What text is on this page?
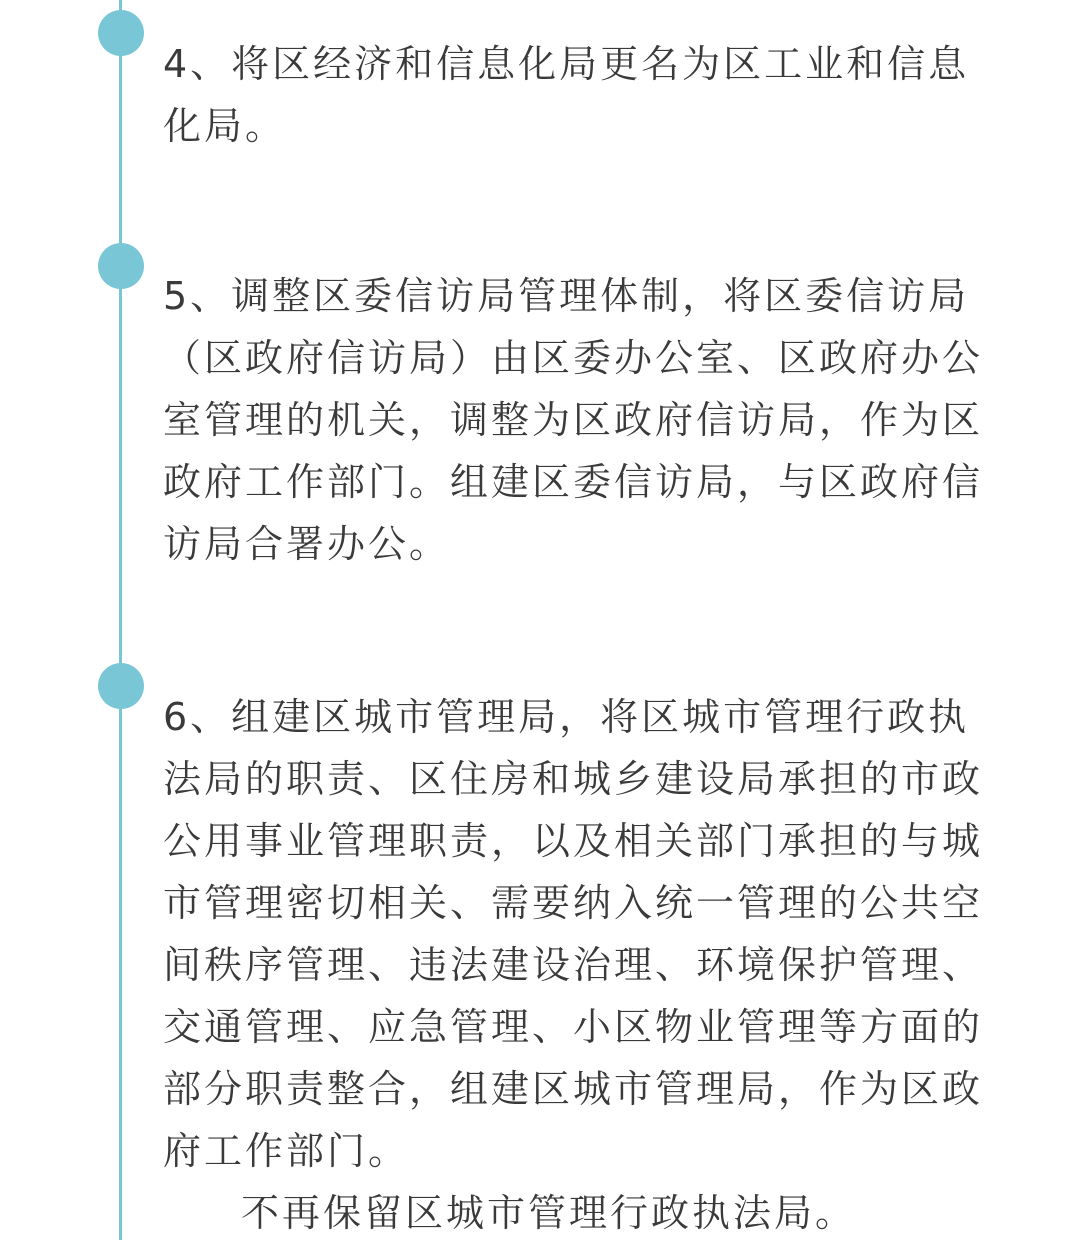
4、将区经济和信息化局更名为区工业和信息化局。

5、调整区委信访局管理体制，将区委信访局（区政府信访局）由区委办公室、区政府办公室管理的机关，调整为区政府信访局，作为区政府工作部门。组建区委信访局，与区政府信访局合署办公。

6、组建区城市管理局，将区城市管理行政执法局的职责、区住房和城乡建设局承担的市政公用事业管理职责，以及相关部门承担的与城市管理密切相关、需要纳入统一管理的公共空间秩序管理、违法建设治理、环境保护管理、交通管理、应急管理、小区物业管理等方面的部分职责整合，组建区城市管理局，作为区政府工作部门。

不再保留区城市管理行政执法局。
